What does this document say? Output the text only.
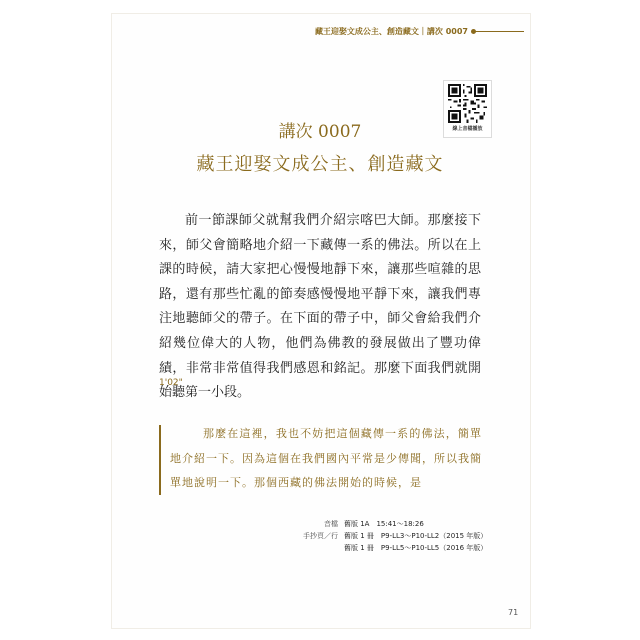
藏王迎娶文成公主、創造藏文｜講次 0007
線上音檔播放
講次 0007
藏王迎娶文成公主、創造藏文
前一節課師父就幫我們介紹宗喀巴大師。那麼接下來，師父會簡略地介紹一下藏傳一系的佛法。所以在上課的時候，請大家把心慢慢地靜下來，讓那些喧雜的思路，還有那些忙亂的節奏感慢慢地平靜下來，讓我們專注地聽師父的帶子。在下面的帶子中，師父會給我們介紹幾位偉大的人物，他們為佛教的發展做出了豐功偉績，非常非常值得我們感恩和銘記。那麼下面我們就開始聽第一小段。
1'02"
那麼在這裡，我也不妨把這個藏傳一系的佛法，簡單地介紹一下。因為這個在我們國內平常是少傳聞，所以我簡單地說明一下。那個西藏的佛法開始的時候，是
音檔 舊版 1A　15:41～18:26
手抄頁／行 舊版 1 冊　P9-LL3～P10-LL2（2015 年版）
舊版 1 冊　P9-LL5～P10-LL5（2016 年版）
71
